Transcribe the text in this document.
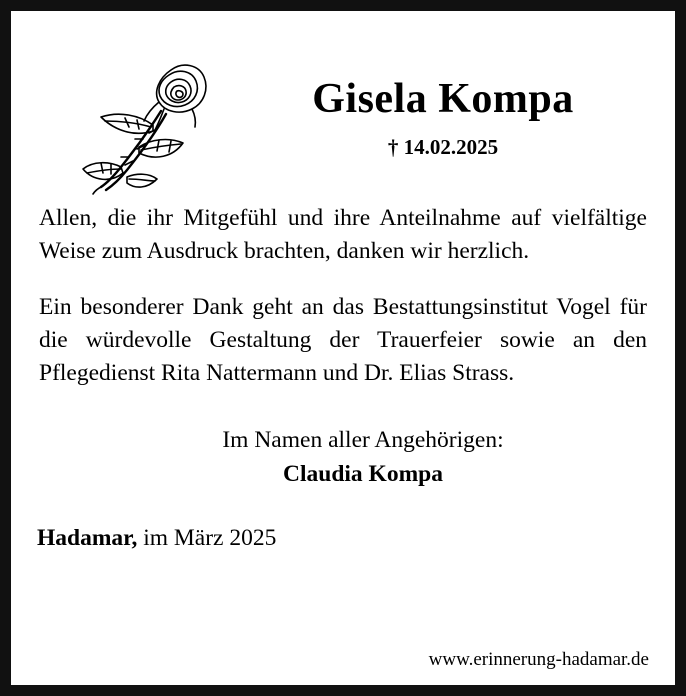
Gisela Kompa
† 14.02.2025

Allen, die ihr Mitgefühl und ihre Anteilnahme auf vielfältige Weise zum Ausdruck brachten, danken wir herzlich.

Ein besonderer Dank geht an das Bestattungsinstitut Vogel für die würdevolle Gestaltung der Trauerfeier sowie an den Pflegedienst Rita Nattermann und Dr. Elias Strass.

Im Namen aller Angehörigen:
Claudia Kompa
Hadamar, im März 2025
www.erinnerung-hadamar.de
